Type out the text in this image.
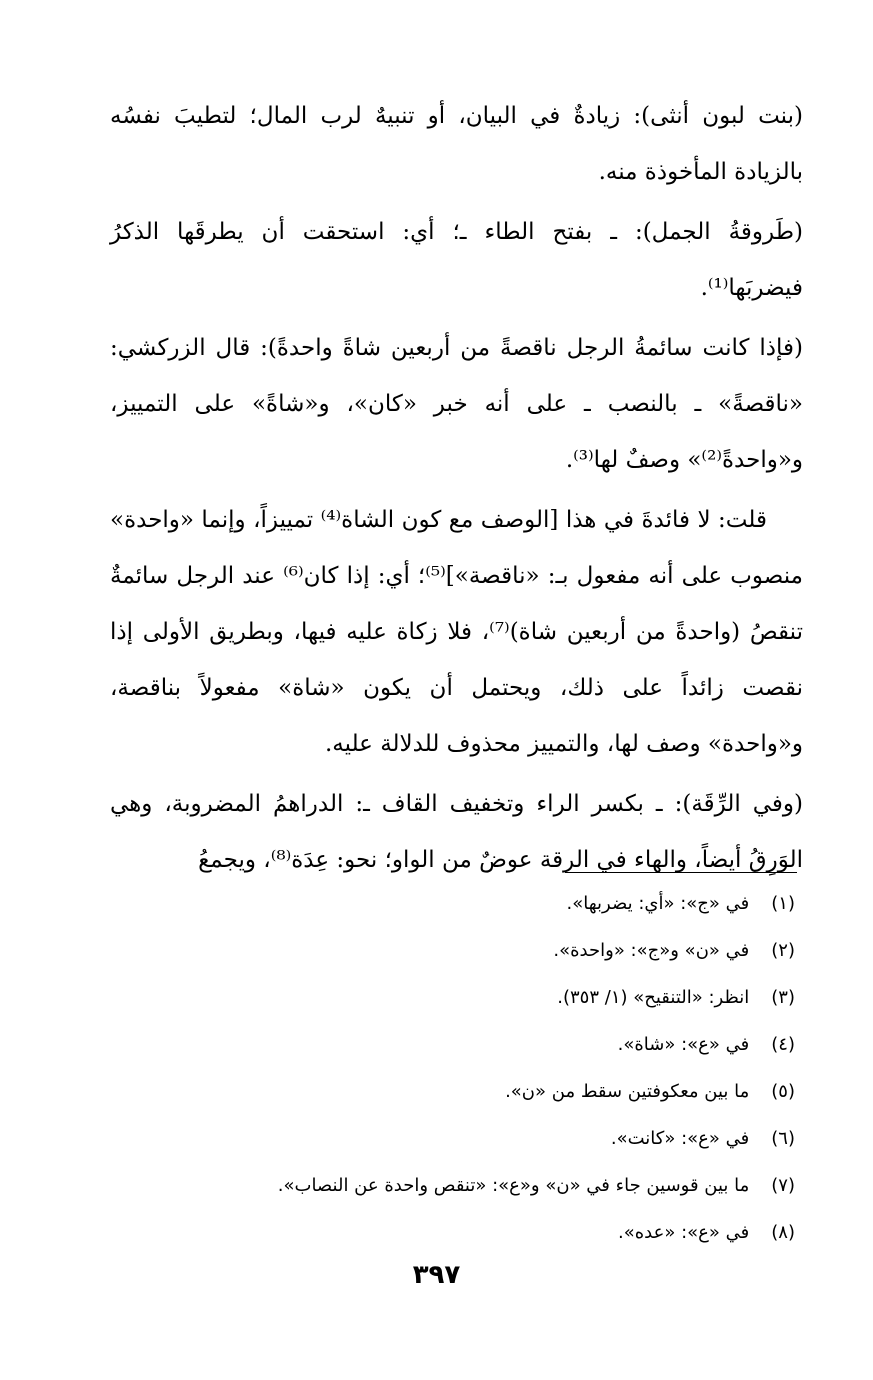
(بنت لبون أنثى): زيادةٌ في البيان، أو تنبيهٌ لرب المال؛ لتطيبَ نفسُه بالزيادة المأخوذة منه.

(طَروقةُ الجمل): ـ بفتح الطاء ـ؛ أي: استحقت أن يطرقَها الذكرُ فيضربَها⁽¹⁾.

(فإذا كانت سائمةُ الرجل ناقصةً من أربعين شاةً واحدةً): قال الزركشي: «ناقصةً» ـ بالنصب ـ على أنه خبر «كان»، و«شاةً» على التمييز، و«واحدةً⁽²⁾» وصفٌ لها⁽³⁾.

قلت: لا فائدةَ في هذا [الوصف مع كون الشاة⁽⁴⁾ تمييزاً، وإنما «واحدة» منصوب على أنه مفعول بـ: «ناقصة»]⁽⁵⁾؛ أي: إذا كان⁽⁶⁾ عند الرجل سائمةٌ تنقصُ (واحدةً من أربعين شاة)⁽⁷⁾، فلا زكاة عليه فيها، وبطريق الأولى إذا نقصت زائداً على ذلك، ويحتمل أن يكون «شاة» مفعولاً بناقصة، و«واحدة» وصف لها، والتمييز محذوف للدلالة عليه.

(وفي الرِّقَة): ـ بكسر الراء وتخفيف القاف ـ: الدراهمُ المضروبة، وهي الوَرِقُ أيضاً، والهاء في الرقة عوضٌ من الواو؛ نحو: عِدَة⁽⁸⁾، ويجمعُ

(١) في «ج»: «أي: يضربها».
(٢) في «ن» و«ج»: «واحدة».
(٣) انظر: «التنقيح» (١/ ٣٥٣).
(٤) في «ع»: «شاة».
(٥) ما بين معكوفتين سقط من «ن».
(٦) في «ع»: «كانت».
(٧) ما بين قوسين جاء في «ن» و«ع»: «تنقص واحدة عن النصاب».
(٨) في «ع»: «عده».
٣٩٧
